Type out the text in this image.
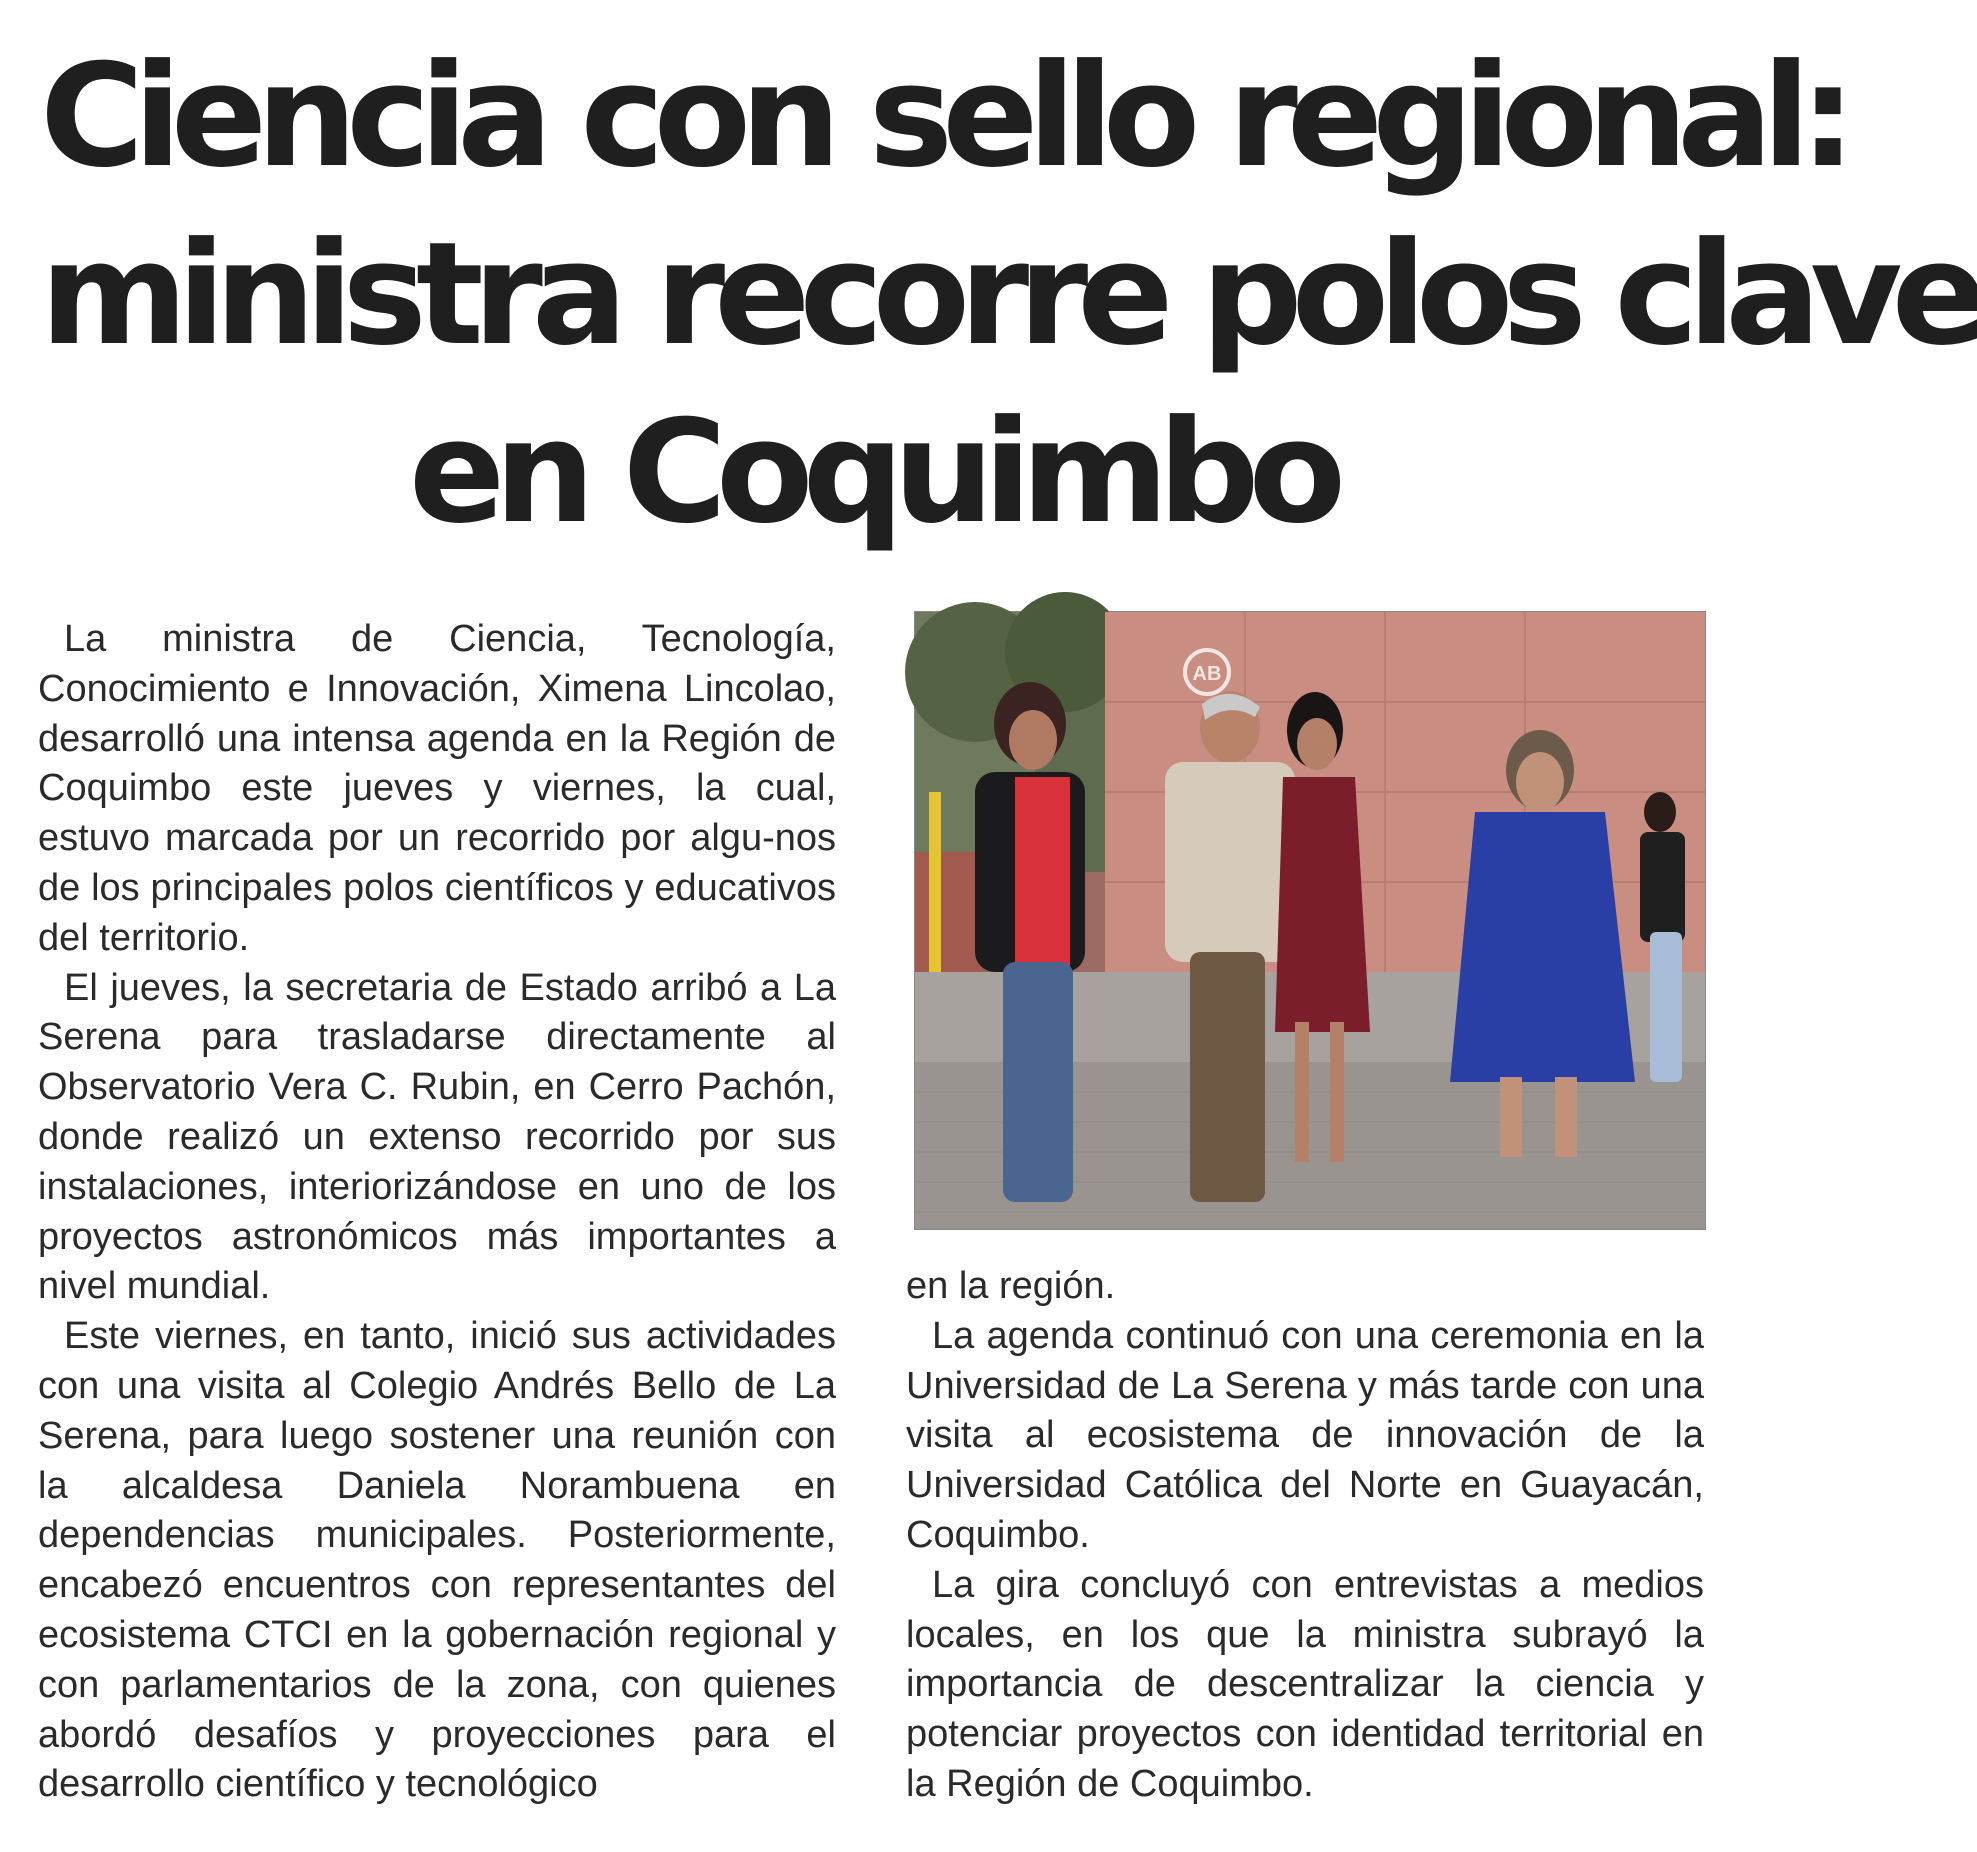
Ciencia con sello regional:
ministra recorre polos clave
en Coquimbo

La ministra de Ciencia, Tecnología, Conocimiento e Innovación, Ximena Lincolao, desarrolló una intensa agenda en la Región de Coquimbo este jueves y viernes, la cual, estuvo marcada por un recorrido por algu-nos de los principales polos científicos y educativos del territorio.

El jueves, la secretaria de Estado arribó a La Serena para trasladarse directamente al Observatorio Vera C. Rubin, en Cerro Pachón, donde realizó un extenso recorrido por sus instalaciones, interiorizándose en uno de los proyectos astronómicos más importantes a nivel mundial.

Este viernes, en tanto, inició sus actividades con una visita al Colegio Andrés Bello de La Serena, para luego sostener una reunión con la alcaldesa Daniela Norambuena en dependencias municipales. Posteriormente, encabezó encuentros con representantes del ecosistema CTCI en la gobernación regional y con parlamentarios de la zona, con quienes abordó desafíos y proyecciones para el desarrollo científico y tecnológico

AB

en la región.

La agenda continuó con una ceremonia en la Universidad de La Serena y más tarde con una visita al ecosistema de innovación de la Universidad Católica del Norte en Guayacán, Coquimbo.

La gira concluyó con entrevistas a medios locales, en los que la ministra subrayó la importancia de descentralizar la ciencia y potenciar proyectos con identidad territorial en la Región de Coquimbo.
